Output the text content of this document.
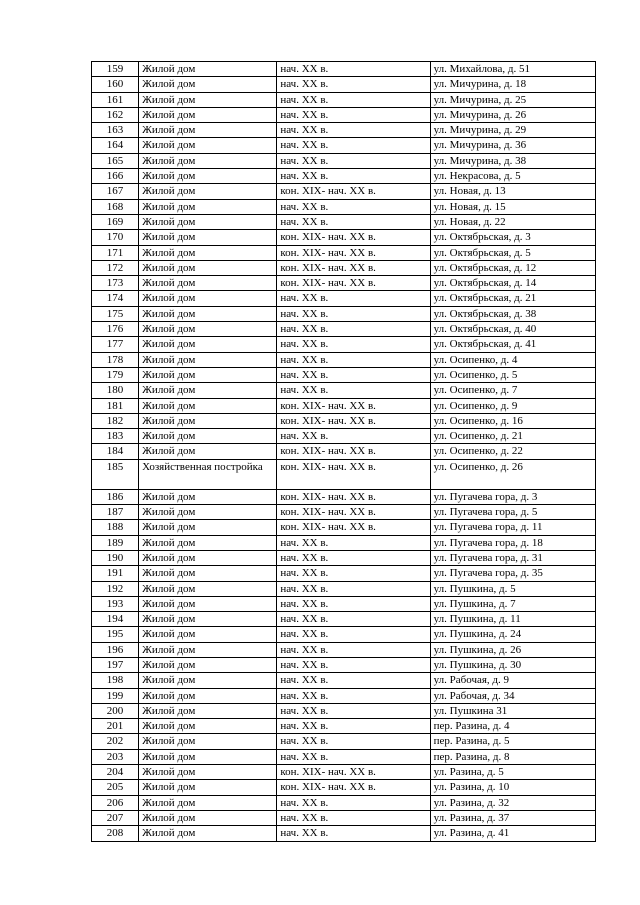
159	Жилой дом	нач. XX в.	ул. Михайлова, д. 51
160	Жилой дом	нач. XX в.	ул. Мичурина, д. 18
161	Жилой дом	нач. XX в.	ул. Мичурина, д. 25
162	Жилой дом	нач. XX в.	ул. Мичурина, д. 26
163	Жилой дом	нач. XX в.	ул. Мичурина, д. 29
164	Жилой дом	нач. XX в.	ул. Мичурина, д. 36
165	Жилой дом	нач. XX в.	ул. Мичурина, д. 38
166	Жилой дом	нач. XX в.	ул. Некрасова, д. 5
167	Жилой дом	кон. XIX- нач. XX в.	ул. Новая, д. 13
168	Жилой дом	нач. XX в.	ул. Новая, д. 15
169	Жилой дом	нач. XX в.	ул. Новая, д. 22
170	Жилой дом	кон. XIX- нач. XX в.	ул. Октябрьская, д. 3
171	Жилой дом	кон. XIX- нач. XX в.	ул. Октябрьская, д. 5
172	Жилой дом	кон. XIX- нач. XX в.	ул. Октябрьская, д. 12
173	Жилой дом	кон. XIX- нач. XX в.	ул. Октябрьская, д. 14
174	Жилой дом	нач. XX в.	ул. Октябрьская, д. 21
175	Жилой дом	нач. XX в.	ул. Октябрьская, д. 38
176	Жилой дом	нач. XX в.	ул. Октябрьская, д. 40
177	Жилой дом	нач. XX в.	ул. Октябрьская, д. 41
178	Жилой дом	нач. XX в.	ул. Осипенко, д. 4
179	Жилой дом	нач. XX в.	ул. Осипенко, д. 5
180	Жилой дом	нач. XX в.	ул. Осипенко, д. 7
181	Жилой дом	кон. XIX- нач. XX в.	ул. Осипенко, д. 9
182	Жилой дом	кон. XIX- нач. XX в.	ул. Осипенко, д. 16
183	Жилой дом	нач. XX в.	ул. Осипенко, д. 21
184	Жилой дом	кон. XIX- нач. XX в.	ул. Осипенко, д. 22
185	Хозяйственная постройка	кон. XIX- нач. XX в.	ул. Осипенко, д. 26
186	Жилой дом	кон. XIX- нач. XX в.	ул. Пугачева гора, д. 3
187	Жилой дом	кон. XIX- нач. XX в.	ул. Пугачева гора, д. 5
188	Жилой дом	кон. XIX- нач. XX в.	ул. Пугачева гора, д. 11
189	Жилой дом	нач. XX в.	ул. Пугачева гора, д. 18
190	Жилой дом	нач. XX в.	ул. Пугачева гора, д. 31
191	Жилой дом	нач. XX в.	ул. Пугачева гора, д. 35
192	Жилой дом	нач. XX в.	ул. Пушкина, д. 5
193	Жилой дом	нач. XX в.	ул. Пушкина, д. 7
194	Жилой дом	нач. XX в.	ул. Пушкина, д. 11
195	Жилой дом	нач. XX в.	ул. Пушкина, д. 24
196	Жилой дом	нач. XX в.	ул. Пушкина, д. 26
197	Жилой дом	нач. XX в.	ул. Пушкина, д. 30
198	Жилой дом	нач. XX в.	ул. Рабочая, д. 9
199	Жилой дом	нач. XX в.	ул. Рабочая, д. 34
200	Жилой дом	нач. XX в.	ул. Пушкина 31
201	Жилой дом	нач. XX в.	пер. Разина, д. 4
202	Жилой дом	нач. XX в.	пер. Разина, д. 5
203	Жилой дом	нач. XX в.	пер. Разина, д. 8
204	Жилой дом	кон. XIX- нач. XX в.	ул. Разина, д. 5
205	Жилой дом	кон. XIX- нач. XX в.	ул. Разина, д. 10
206	Жилой дом	нач. XX в.	ул. Разина, д. 32
207	Жилой дом	нач. XX в.	ул. Разина, д. 37
208	Жилой дом	нач. XX в.	ул. Разина, д. 41
